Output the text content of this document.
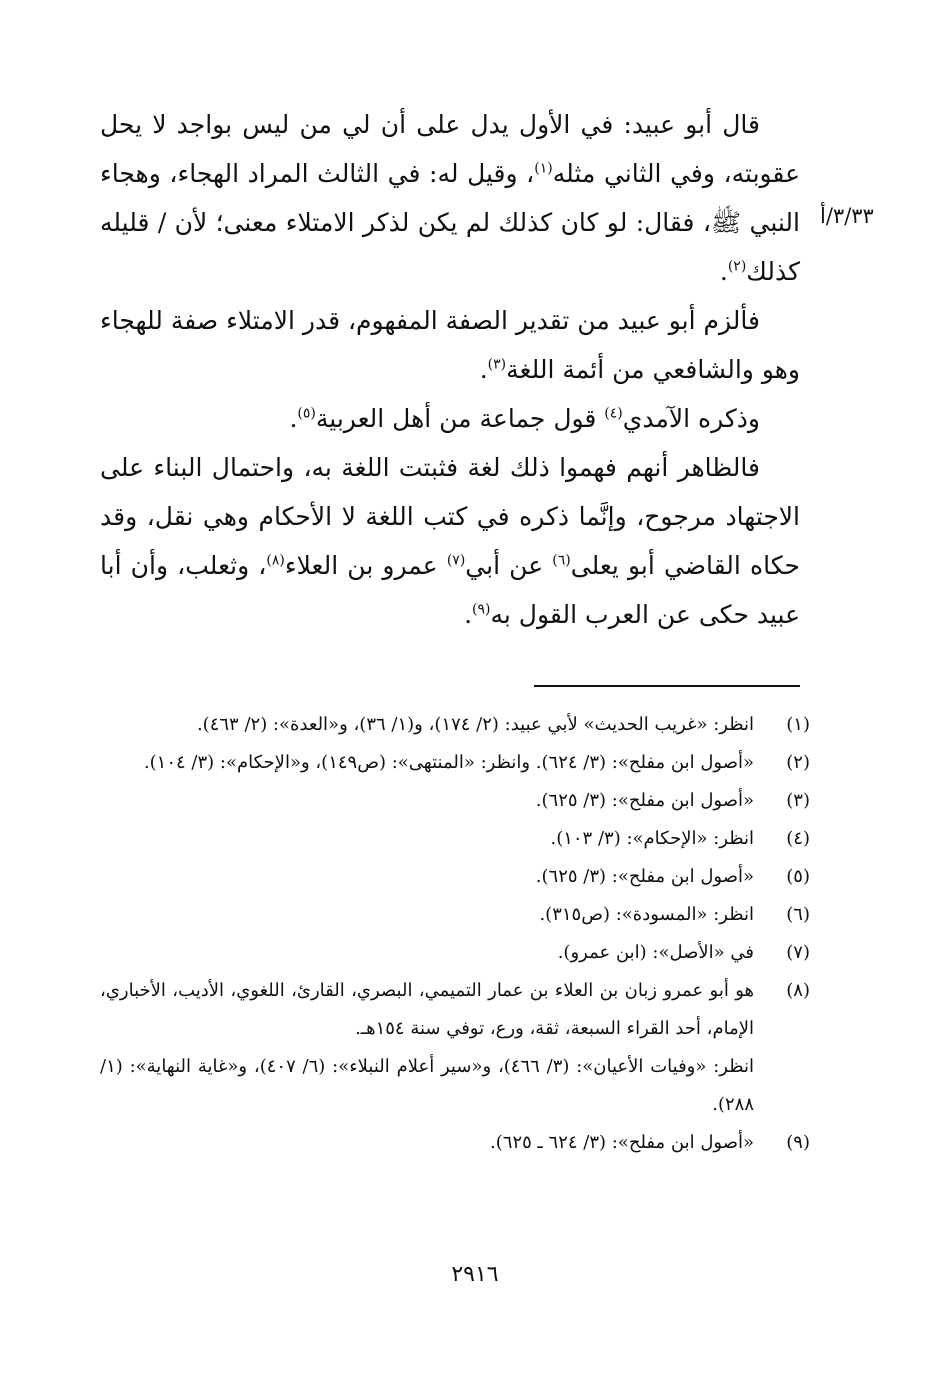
٣/٣٣/أ

قال أبو عبيد: في الأول يدل على أن لي من ليس بواجد لا يحل عقوبته، وفي الثاني مثله$^{(١)}$، وقيل له: في الثالث المراد الهجاء، وهجاء النبي ﷺ، فقال: لو كان كذلك لم يكن لذكر الامتلاء معنى؛ لأن / قليله كذلك$^{(٢)}$.

فألزم أبو عبيد من تقدير الصفة المفهوم، قدر الامتلاء صفة للهجاء وهو والشافعي من أئمة اللغة$^{(٣)}$.

وذكره الآمدي$^{(٤)}$ قول جماعة من أهل العربية$^{(٥)}$.

فالظاهر أنهم فهموا ذلك لغة فثبتت اللغة به، واحتمال البناء على الاجتهاد مرجوح، وإنَّما ذكره في كتب اللغة لا الأحكام وهي نقل، وقد حكاه القاضي أبو يعلى$^{(٦)}$ عن أبي$^{(٧)}$ عمرو بن العلاء$^{(٨)}$، وثعلب، وأن أبا عبيد حكى عن العرب القول به$^{(٩)}$.

(١)
انظر: «غريب الحديث» لأبي عبيد: (٢/ ١٧٤)، و(١/ ٣٦)، و«العدة»: (٢/ ٤٦٣).
(٢)
«أصول ابن مفلح»: (٣/ ٦٢٤). وانظر: «المنتهى»: (ص١٤٩)، و«الإحكام»: (٣/ ١٠٤).
(٣)
«أصول ابن مفلح»: (٣/ ٦٢٥).
(٤)
انظر: «الإحكام»: (٣/ ١٠٣).
(٥)
«أصول ابن مفلح»: (٣/ ٦٢٥).
(٦)
انظر: «المسودة»: (ص٣١٥).
(٧)
في «الأصل»: (ابن عمرو).
(٨)
هو أبو عمرو زبان بن العلاء بن عمار التميمي، البصري، القارئ، اللغوي، الأديب، الأخباري، الإمام، أحد القراء السبعة، ثقة، ورع، توفي سنة ١٥٤هـ.
انظر: «وفيات الأعيان»: (٣/ ٤٦٦)، و«سير أعلام النبلاء»: (٦/ ٤٠٧)، و«غاية النهاية»: (١/ ٢٨٨).
(٩)
«أصول ابن مفلح»: (٣/ ٦٢٤ ـ ٦٢٥).
٢٩١٦
